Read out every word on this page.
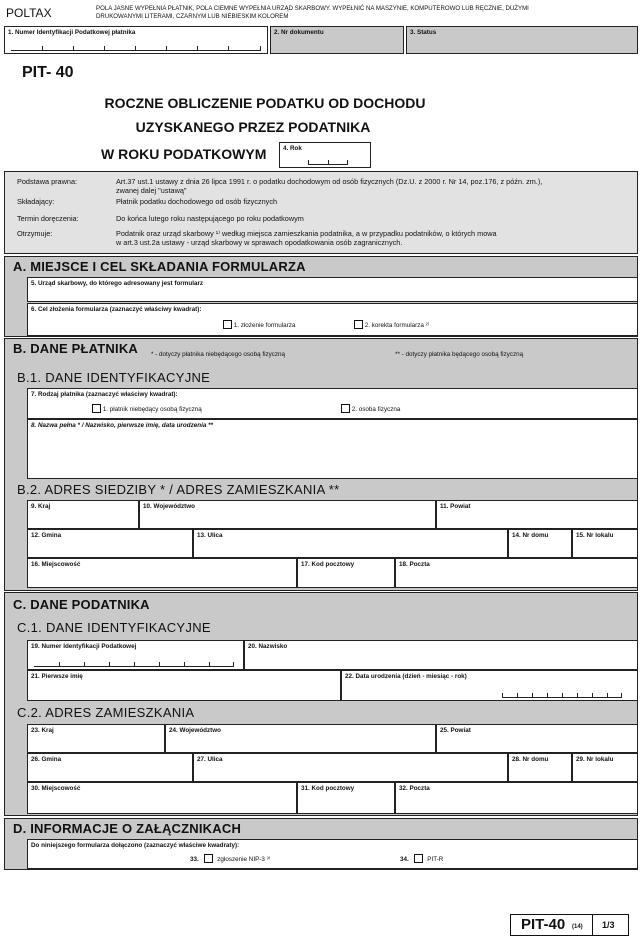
POLTAX	POLA JASNE WYPEŁNIA PŁATNIK, POLA CIEMNE WYPEŁNIA URZĄD SKARBOWY. WYPEŁNIĆ NA MASZYNIE, KOMPUTEROWO LUB RĘCZNIE, DUŻYMI
DRUKOWANYMI LITERAMI, CZARNYM LUB NIEBIESKIM KOLOREM
1. Numer Identyfikacji Podatkowej płatnika	2. Nr dokumentu	3. Status
PIT- 40
ROCZNE OBLICZENIE PODATKU OD DOCHODU
UZYSKANEGO PRZEZ PODATNIKA
W ROKU PODATKOWYM	4. Rok
Podstawa prawna:	Art.37 ust.1 ustawy z dnia 26 lipca 1991 r. o podatku dochodowym od osób fizycznych (Dz.U. z 2000 r. Nr 14, poz.176, z późn. zm.),
zwanej dalej "ustawą"
Składający:	Płatnik podatku dochodowego od osób fizycznych
Termin doręczenia:	Do końca lutego roku następującego po roku podatkowym
Otrzymuje:	Podatnik oraz urząd skarbowy ¹⁾ według miejsca zamieszkania podatnika, a w przypadku podatników, o których mowa
w art.3 ust.2a ustawy - urząd skarbowy w sprawach opodatkowania osób zagranicznych.
A. MIEJSCE I CEL SKŁADANIA FORMULARZA
5. Urząd skarbowy, do którego adresowany jest formularz
6. Cel złożenia formularza (zaznaczyć właściwy kwadrat):
1. złożenie formularza	2. korekta formularza ²⁾
B. DANE PŁATNIKA * - dotyczy płatnika niebędącego osobą fizyczną	** - dotyczy płatnika będącego osobą fizyczną
B.1. DANE IDENTYFIKACYJNE
7. Rodzaj płatnika (zaznaczyć właściwy kwadrat):
1. płatnik niebędący osobą fizyczną	2. osoba fizyczna
8. Nazwa pełna * / Nazwisko, pierwsze imię, data urodzenia **
B.2. ADRES SIEDZIBY * / ADRES ZAMIESZKANIA **
9. Kraj	10. Województwo	11. Powiat
12. Gmina	13. Ulica	14. Nr domu	15. Nr lokalu
16. Miejscowość	17. Kod pocztowy	18. Poczta
C. DANE PODATNIKA
C.1. DANE IDENTYFIKACYJNE
19. Numer Identyfikacji Podatkowej	20. Nazwisko
21. Pierwsze imię	22. Data urodzenia (dzień - miesiąc - rok)
C.2. ADRES ZAMIESZKANIA
23. Kraj	24. Województwo	25. Powiat
26. Gmina	27. Ulica	28. Nr domu	29. Nr lokalu
30. Miejscowość	31. Kod pocztowy	32. Poczta
D. INFORMACJE O ZAŁĄCZNIKACH
Do niniejszego formularza dołączono (zaznaczyć właściwe kwadraty):
33.	zgłoszenie NIP-3 ³⁾	34.	PIT-R
PIT-40 (14) 1/3
